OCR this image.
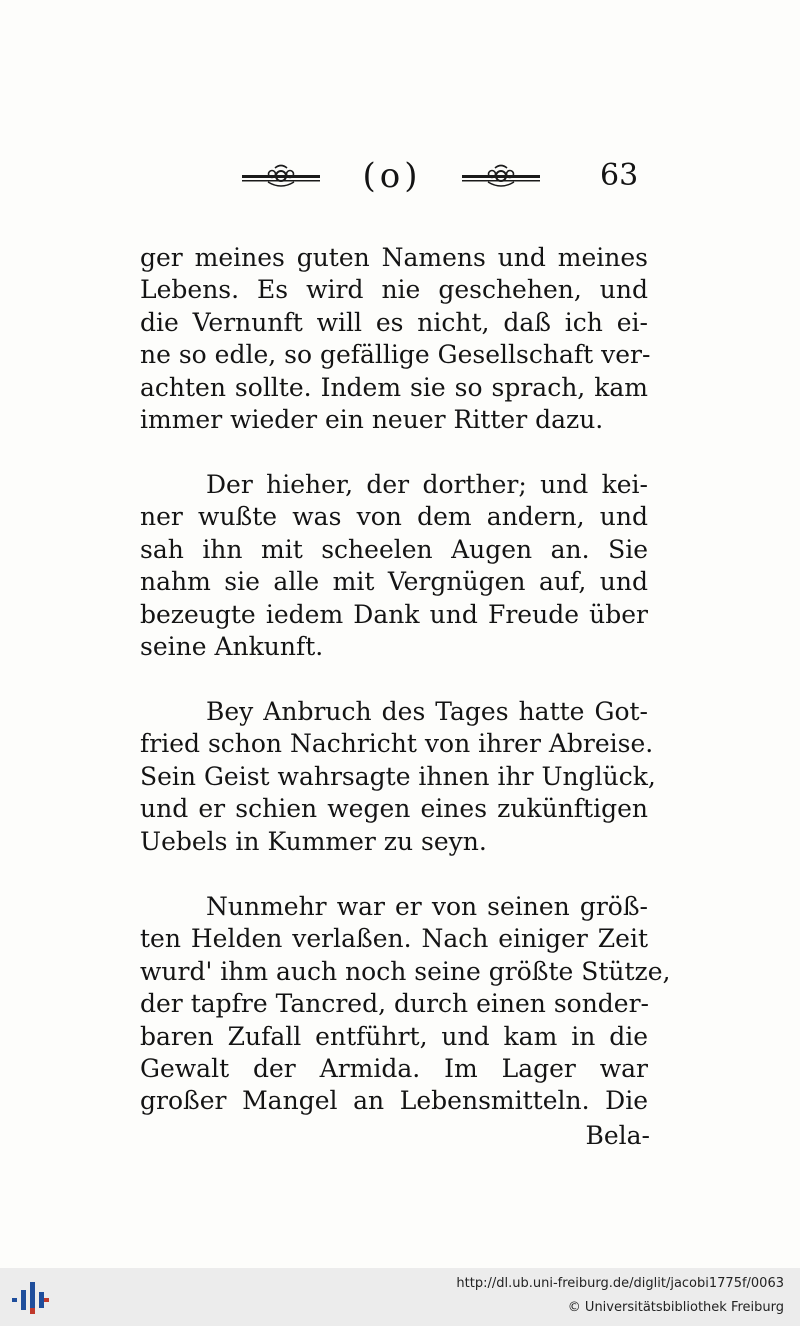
(o)	63
ger meines guten Namens und meines
Lebens. Es wird nie geschehen, und
die Vernunft will es nicht, daß ich ei-
ne so edle, so gefällige Gesellschaft ver-
achten sollte. Indem sie so sprach, kam
immer wieder ein neuer Ritter dazu.
Der hieher, der dorther; und kei-
ner wußte was von dem andern, und
sah ihn mit scheelen Augen an. Sie
nahm sie alle mit Vergnügen auf, und
bezeugte iedem Dank und Freude über
seine Ankunft.
Bey Anbruch des Tages hatte Got-
fried schon Nachricht von ihrer Abreise.
Sein Geist wahrsagte ihnen ihr Unglück,
und er schien wegen eines zukünftigen
Uebels in Kummer zu seyn.
Nunmehr war er von seinen größ-
ten Helden verlaßen. Nach einiger Zeit
wurd' ihm auch noch seine größte Stütze,
der tapfre Tancred, durch einen sonder-
baren Zufall entführt, und kam in die
Gewalt der Armida. Im Lager war
großer Mangel an Lebensmitteln. Die
Bela-
http://dl.ub.uni-freiburg.de/diglit/jacobi1775f/0063
© Universitätsbibliothek Freiburg
